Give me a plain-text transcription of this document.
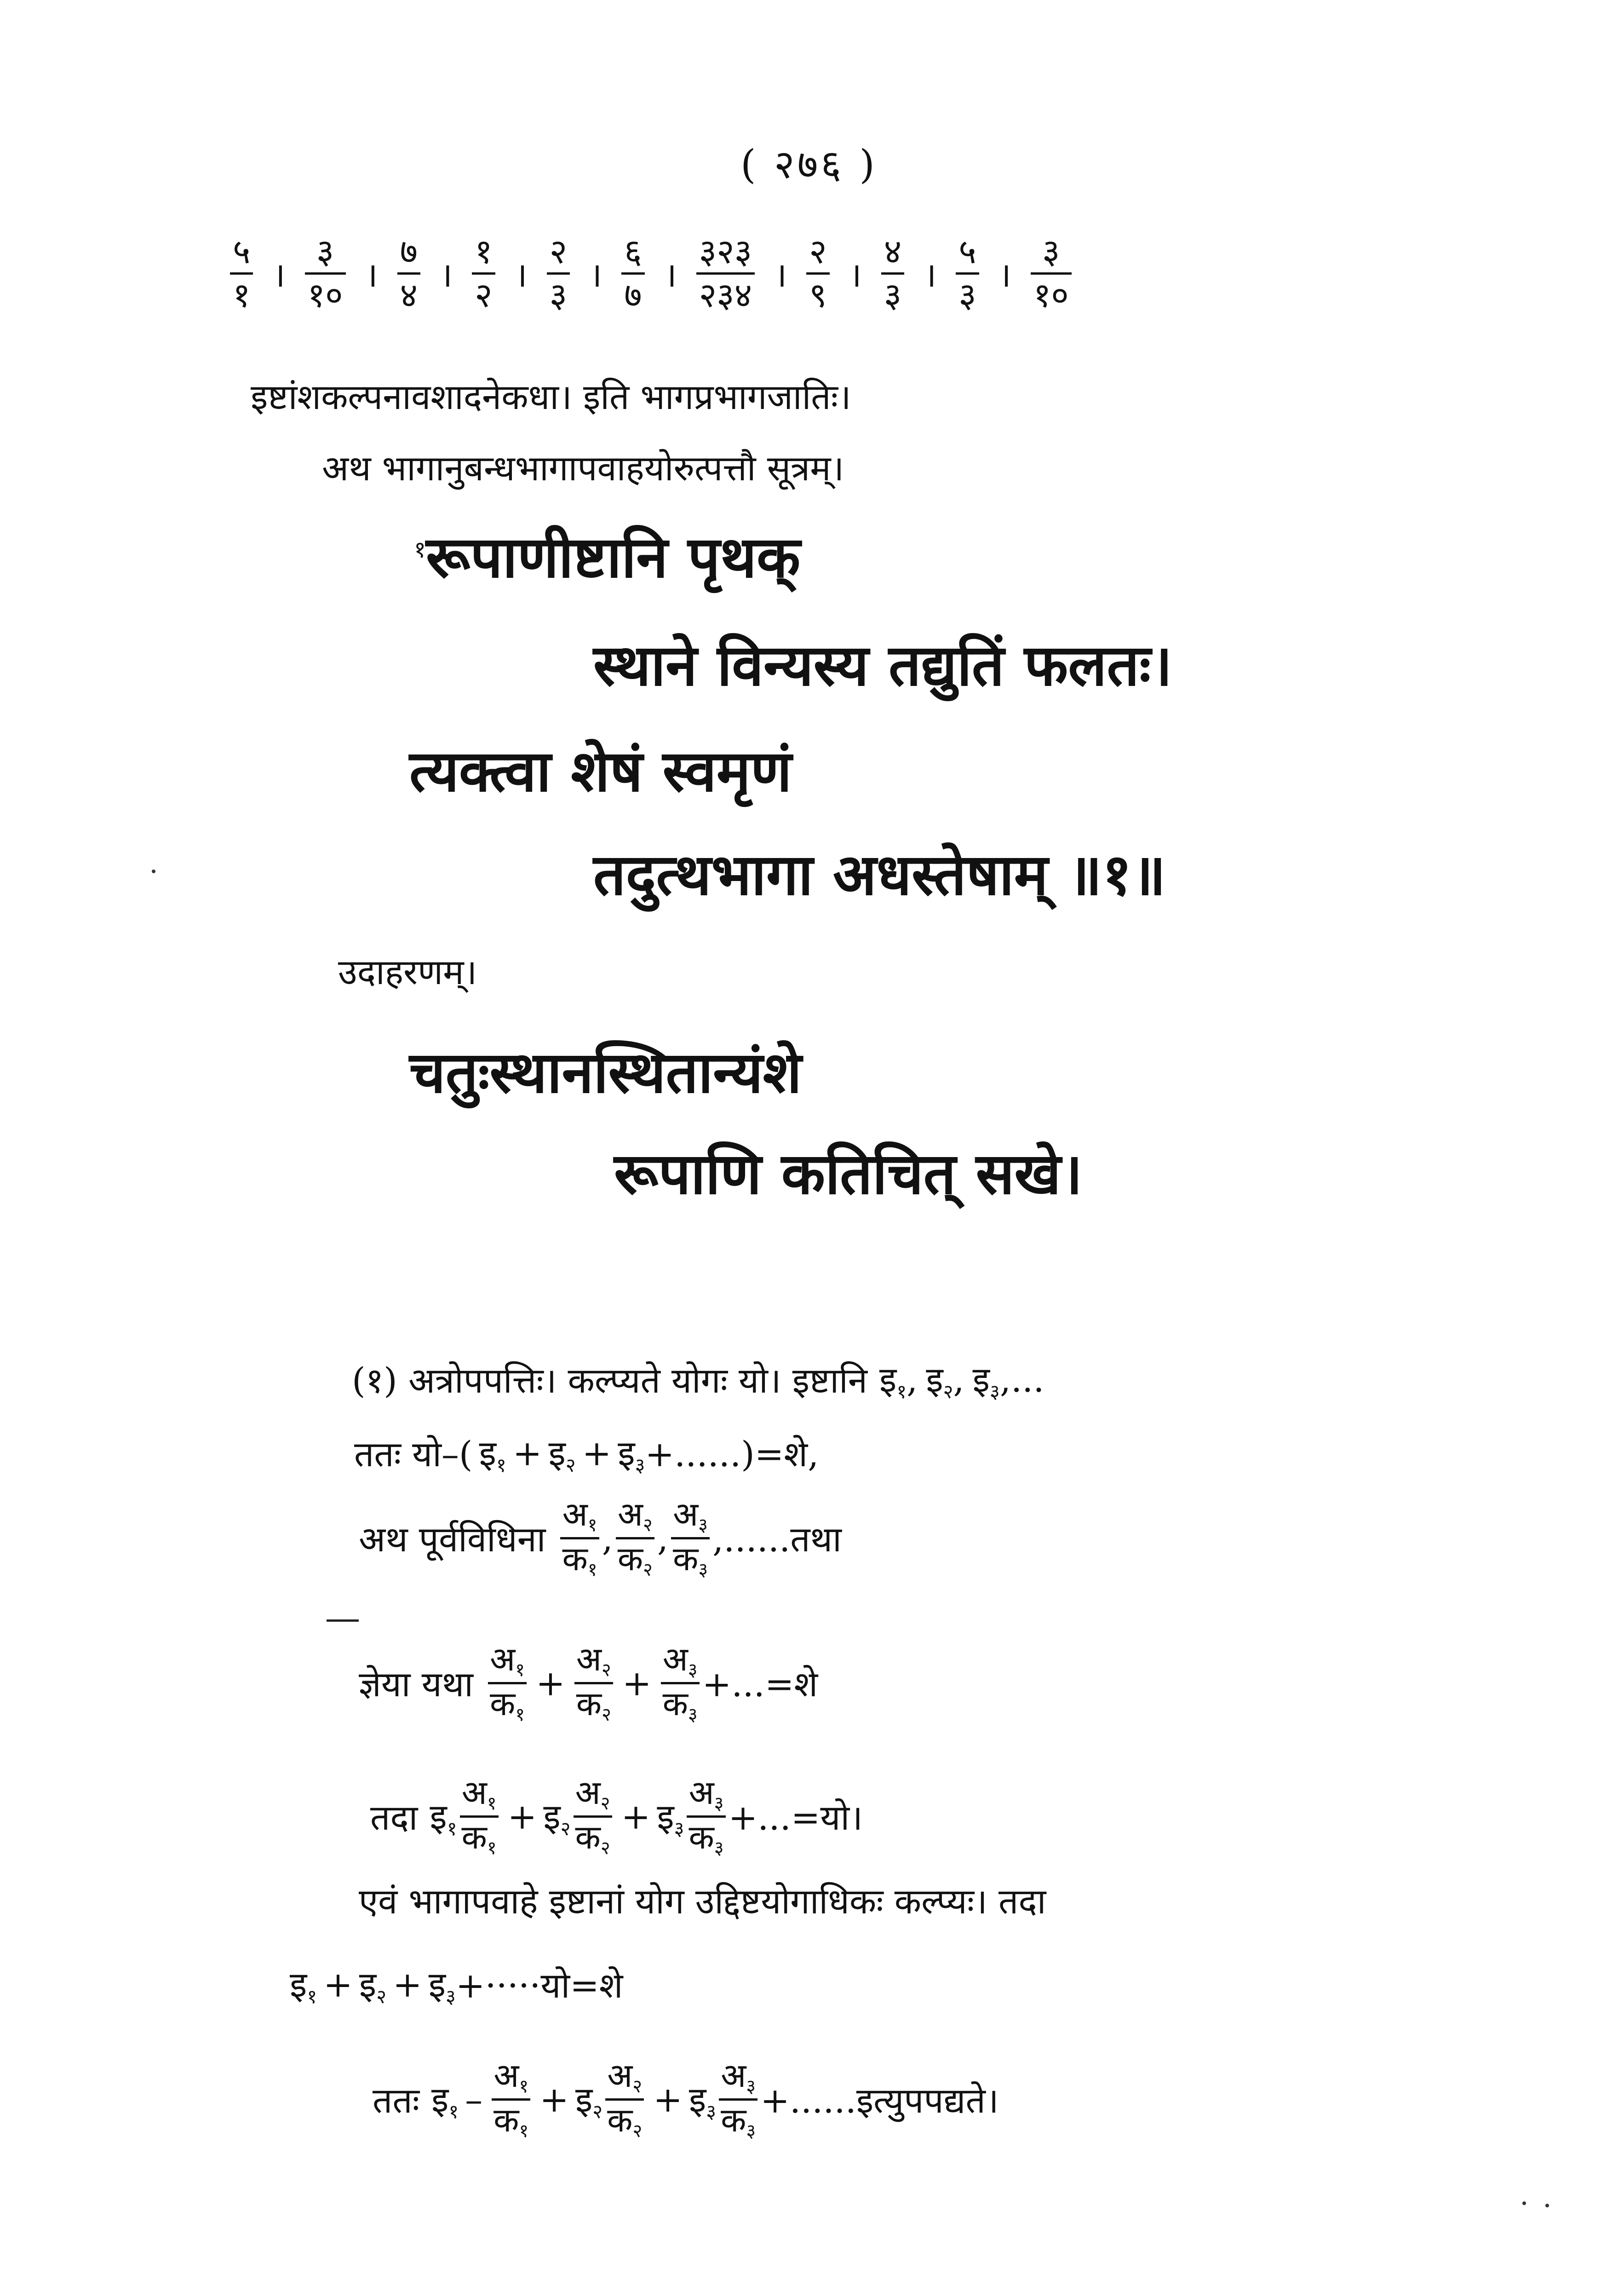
( २७६ )
$\frac{५}{१}$ । $\frac{३}{१०}$ । $\frac{७}{४}$ । $\frac{१}{२}$ । $\frac{२}{३}$ । $\frac{६}{७}$ । $\frac{३२३}{२३४}$ । $\frac{२}{९}$ । $\frac{४}{३}$ । $\frac{५}{३}$ । $\frac{३}{१०}$
इष्टांशकल्पनावशादनेकधा। इति भागप्रभागजातिः।
अथ भागानुबन्धभागापवाहयोरुत्पत्तौ सूत्रम्।
$^१$रूपाणीष्टानि पृथक्
स्थाने विन्यस्य तद्युतिं फलतः।
त्यक्त्वा शेषं स्वमृणं
तदुत्थभागा अधस्तेषाम् ॥१॥
उदाहरणम्।
चतुःस्थानस्थितान्यंशे
रूपाणि कतिचित् सखे।
(१) अत्रोपपत्तिः। कल्प्यते योगः यो। इष्टानि इ$_१$ , इ$_२$ , इ$_३$ ,...
ततः यो–( इ$_१$ + इ$_२$ + इ$_३$ +......)=शे,
अथ पूर्वविधिना $\frac{अ_१}{क_१}$ , $\frac{अ_२}{क_२}$ , $\frac{अ_३}{क_३}$ ,......तथा
ज्ञेया यथा $\frac{अ_१}{क_१} + \frac{अ_२}{क_२} + \frac{अ_३}{क_३}$ +...=शे
तदा इ$_१$ $\frac{अ_१}{क_१}$ + इ$_२$ $\frac{अ_२}{क_२}$ + इ$_३$ $\frac{अ_३}{क_३}$ +...=यो।
एवं भागापवाहे इष्टानां योग उद्दिष्टयोगाधिकः कल्प्यः। तदा
इ$_१$ + इ$_२$ + इ$_३$ +·····यो=शे
ततः इ$_१$ – $\frac{अ_१}{क_१}$ + इ$_२$ $\frac{अ_२}{क_२}$ + इ$_३$ $\frac{अ_३}{क_३}$ +......इत्युपपद्यते।
